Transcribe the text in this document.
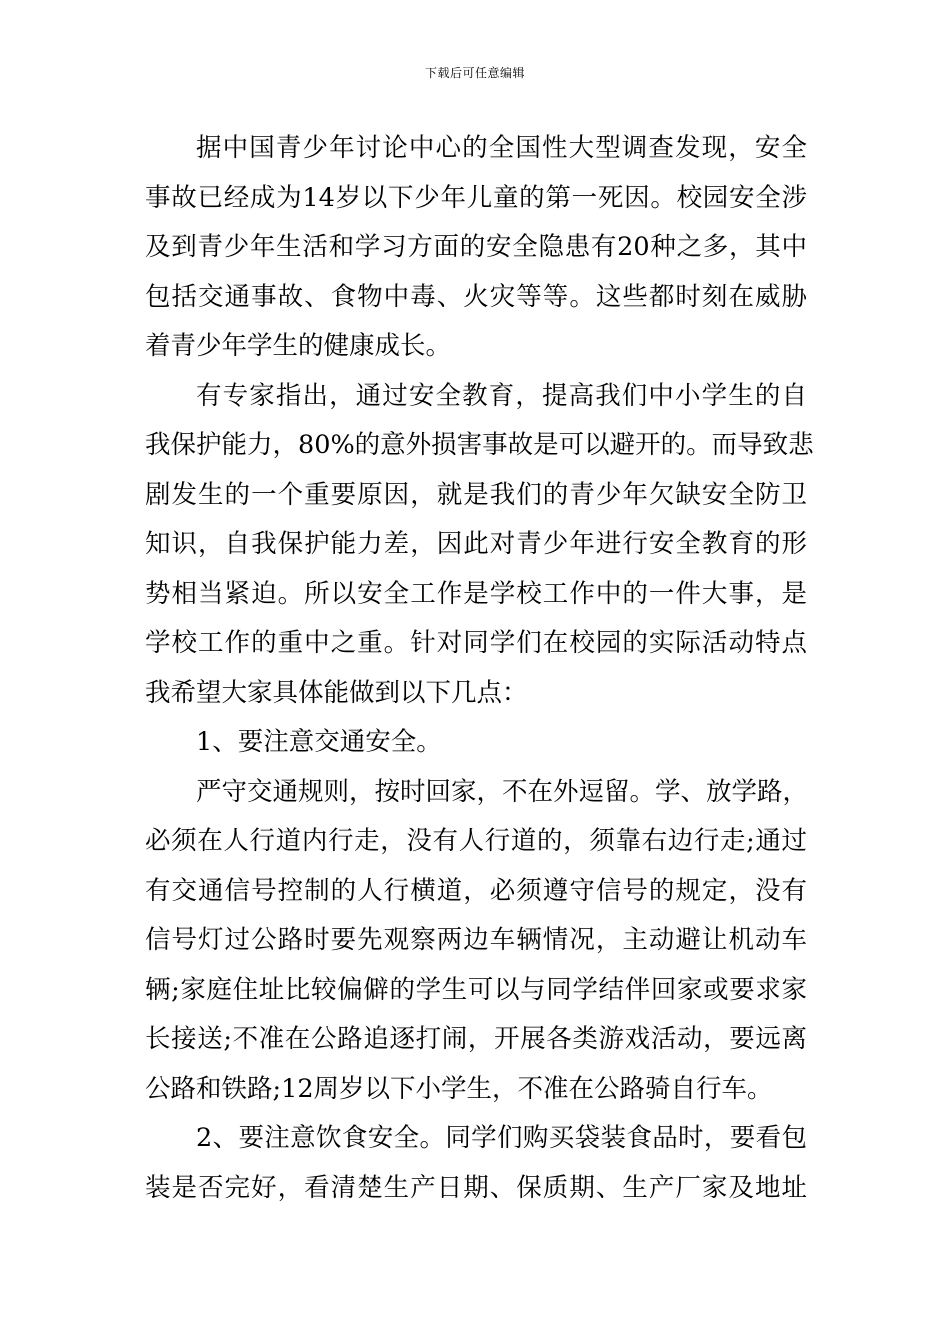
下载后可任意编辑
据中国青少年讨论中心的全国性大型调查发现，安全
事故已经成为14岁以下少年儿童的第一死因。校园安全涉
及到青少年生活和学习方面的安全隐患有20种之多，其中
包括交通事故、食物中毒、火灾等等。这些都时刻在威胁
着青少年学生的健康成长。
有专家指出，通过安全教育，提高我们中小学生的自
我保护能力，80%的意外损害事故是可以避开的。而导致悲
剧发生的一个重要原因，就是我们的青少年欠缺安全防卫
知识，自我保护能力差，因此对青少年进行安全教育的形
势相当紧迫。所以安全工作是学校工作中的一件大事，是
学校工作的重中之重。针对同学们在校园的实际活动特点
我希望大家具体能做到以下几点：
1、要注意交通安全。
严守交通规则，按时回家，不在外逗留。学、放学路，
必须在人行道内行走，没有人行道的，须靠右边行走;通过
有交通信号控制的人行横道，必须遵守信号的规定，没有
信号灯过公路时要先观察两边车辆情况，主动避让机动车
辆;家庭住址比较偏僻的学生可以与同学结伴回家或要求家
长接送;不准在公路追逐打闹，开展各类游戏活动，要远离
公路和铁路;12周岁以下小学生，不准在公路骑自行车。
2、要注意饮食安全。同学们购买袋装食品时，要看包
装是否完好，看清楚生产日期、保质期、生产厂家及地址
